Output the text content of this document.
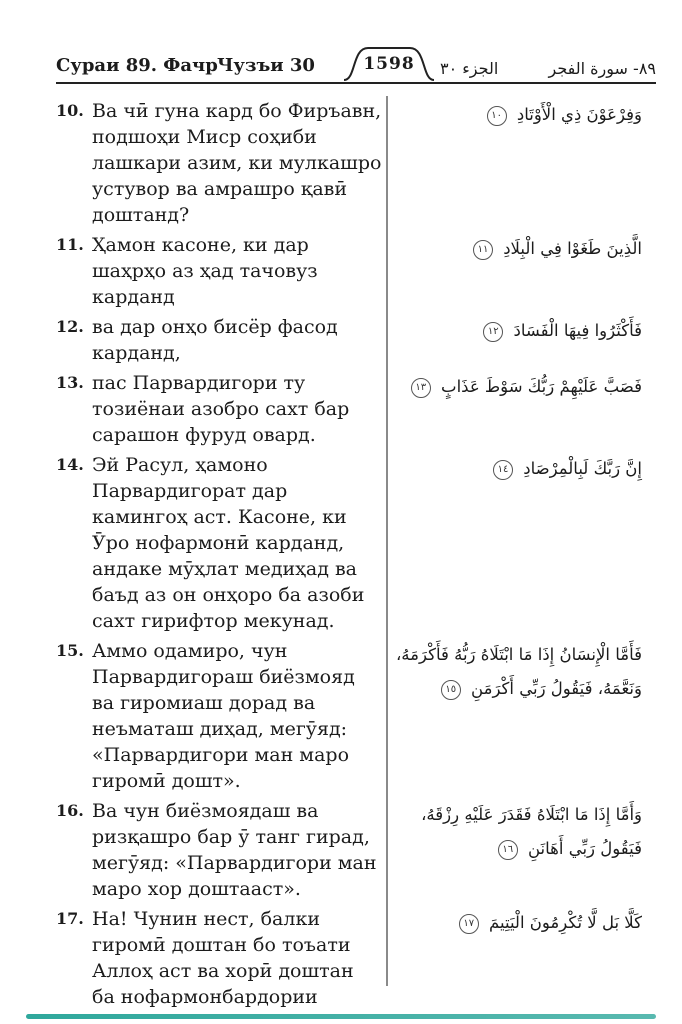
Сураи 89. Фачр Чузъи 30	1598	الجزء ٣٠	٨٩- سورة الفجر
10. Ва чӣ гуна кард бо Фиръавн, подшоҳи Миср соҳиби лашкари азим, ки мулкашро устувор ва амрашро қавӣ доштанд?

وَفِرْعَوْنَ ذِي الْأَوْتَادِ ١٠
11. Ҳамон касоне, ки дар шаҳрҳо аз ҳад тачовуз карданд

الَّذِينَ طَغَوْا فِي الْبِلَادِ ١١
12. ва дар онҳо бисёр фасод карданд,

فَأَكْثَرُوا فِيهَا الْفَسَادَ ١٢
13. пас Парвардигори ту тозиёнаи азобро сахт бар сарашон фуруд овард.

فَصَبَّ عَلَيْهِمْ رَبُّكَ سَوْطَ عَذَابٍ ١٣
14. Эй Расул, ҳамоно Парвардигорат дар камингоҳ аст. Касоне, ки Ӯро нофармонӣ карданд, андаке мӯҳлат медиҳад ва баъд аз он онҳоро ба азоби сахт гирифтор мекунад.

إِنَّ رَبَّكَ لَبِالْمِرْصَادِ ١٤
15. Аммо одамиро, чун Парвардигораш биёзмояд ва гиромиаш дорад ва неъматаш диҳад, мегӯяд: «Парвардигори ман маро гиромӣ дошт».

فَأَمَّا الْإِنسَانُ إِذَا مَا ابْتَلَاهُ رَبُّهُ فَأَكْرَمَهُ، وَنَعَّمَهُ، فَيَقُولُ رَبِّي أَكْرَمَنِ ١٥
16. Ва чун биёзмоядаш ва ризқашро бар ӯ танг гирад, мегӯяд: «Парвардигори ман маро хор доштааст».

وَأَمَّا إِذَا مَا ابْتَلَاهُ فَقَدَرَ عَلَيْهِ رِزْقَهُ، فَيَقُولُ رَبِّي أَهَانَنِ ١٦
17. На! Чунин нест, балки гиромӣ доштан бо тоъати Аллоҳ аст ва хорӣ доштан ба нофармонбардории

كَلَّا بَل لَّا تُكْرِمُونَ الْيَتِيمَ ١٧
